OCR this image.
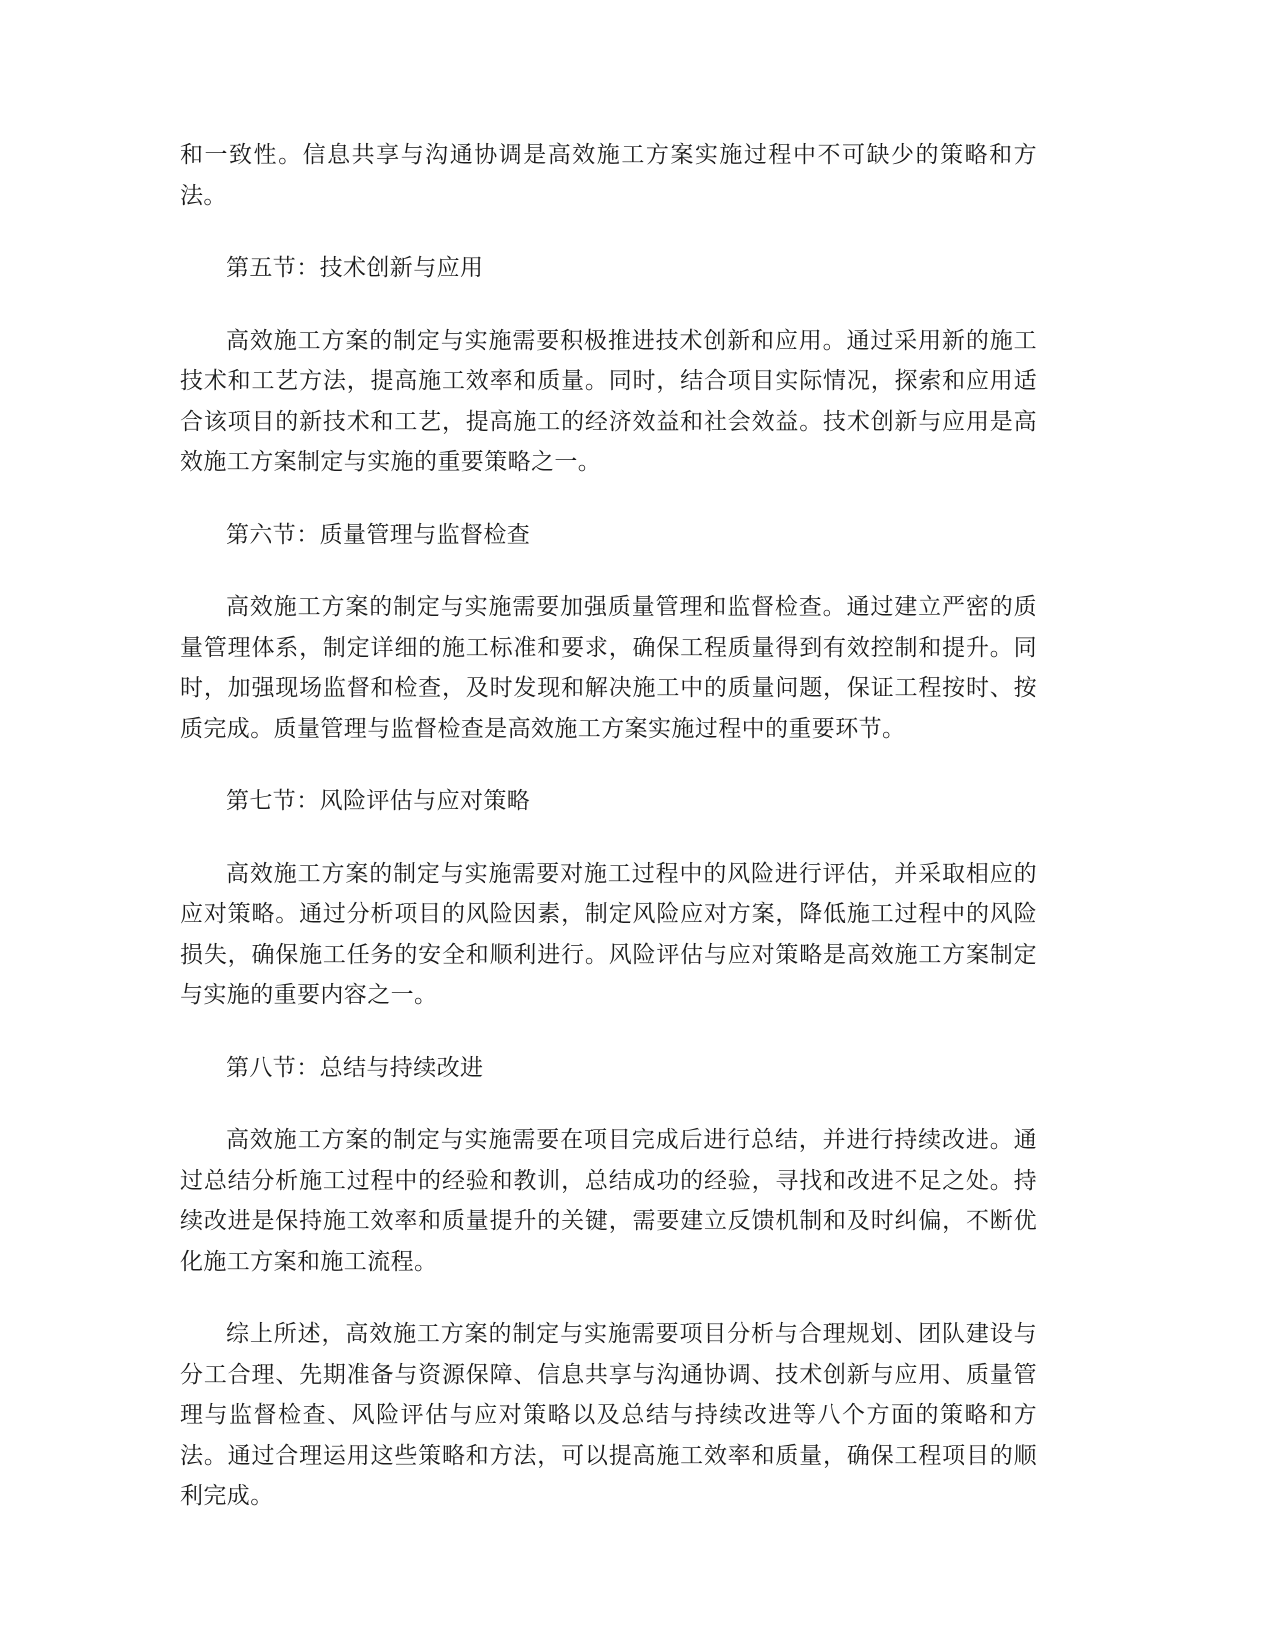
和一致性。信息共享与沟通协调是高效施工方案实施过程中不可缺少的策略和方法。

第五节：技术创新与应用

高效施工方案的制定与实施需要积极推进技术创新和应用。通过采用新的施工技术和工艺方法，提高施工效率和质量。同时，结合项目实际情况，探索和应用适合该项目的新技术和工艺，提高施工的经济效益和社会效益。技术创新与应用是高效施工方案制定与实施的重要策略之一。

第六节：质量管理与监督检查

高效施工方案的制定与实施需要加强质量管理和监督检查。通过建立严密的质量管理体系，制定详细的施工标准和要求，确保工程质量得到有效控制和提升。同时，加强现场监督和检查，及时发现和解决施工中的质量问题，保证工程按时、按质完成。质量管理与监督检查是高效施工方案实施过程中的重要环节。

第七节：风险评估与应对策略

高效施工方案的制定与实施需要对施工过程中的风险进行评估，并采取相应的应对策略。通过分析项目的风险因素，制定风险应对方案，降低施工过程中的风险损失，确保施工任务的安全和顺利进行。风险评估与应对策略是高效施工方案制定与实施的重要内容之一。

第八节：总结与持续改进

高效施工方案的制定与实施需要在项目完成后进行总结，并进行持续改进。通过总结分析施工过程中的经验和教训，总结成功的经验，寻找和改进不足之处。持续改进是保持施工效率和质量提升的关键，需要建立反馈机制和及时纠偏，不断优化施工方案和施工流程。

综上所述，高效施工方案的制定与实施需要项目分析与合理规划、团队建设与分工合理、先期准备与资源保障、信息共享与沟通协调、技术创新与应用、质量管理与监督检查、风险评估与应对策略以及总结与持续改进等八个方面的策略和方法。通过合理运用这些策略和方法，可以提高施工效率和质量，确保工程项目的顺利完成。
